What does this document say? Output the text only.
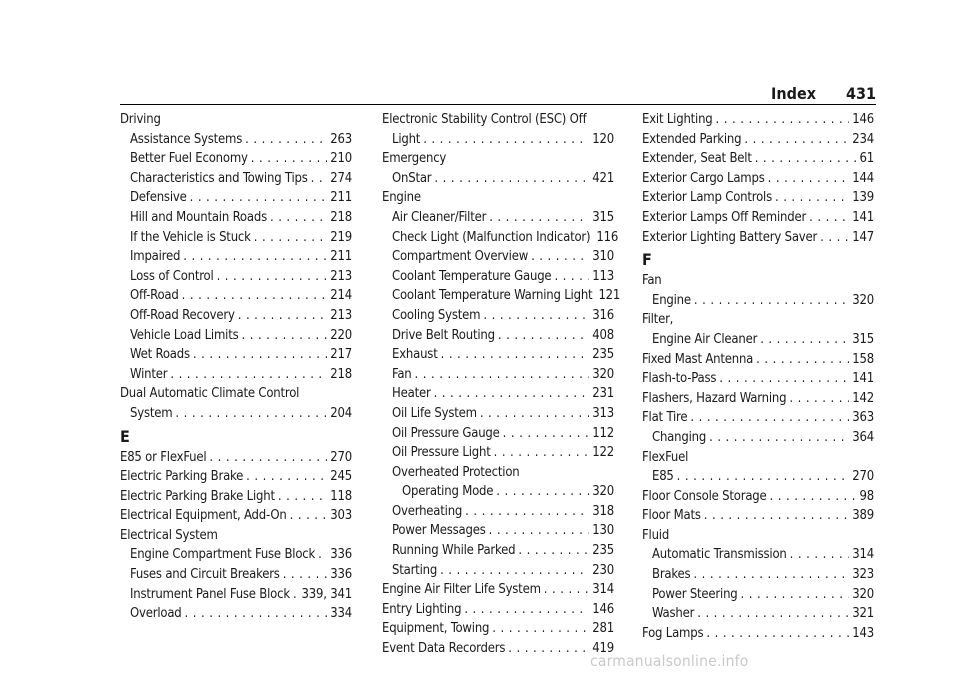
Index 431
Driving
Assistance Systems . . .	263
Better Fuel Economy . . .	210
Characteristics and Towing Tips . . . 274
Defensive . . .	211
Hill and Mountain Roads . . .	218
If the Vehicle is Stuck . . .	219
Impaired . . .	211
Loss of Control . . .	213
Off-Road . . .	214
Off-Road Recovery . . .	213
Vehicle Load Limits . . .	220
Wet Roads . . .	217
Winter . . .	218
Dual Automatic Climate Control
System . . .	204
E
E85 or FlexFuel . . .	270
Electric Parking Brake . . .	245
Electric Parking Brake Light . . .	118
Electrical Equipment, Add-On . . .	303
Electrical System
Engine Compartment Fuse Block . . . 336
Fuses and Circuit Breakers . . .	336
Instrument Panel Fuse Block . . . 339, 341
Overload . . .	334
Electronic Stability Control (ESC) Off
Light . . .	120
Emergency
OnStar . . .	421
Engine
Air Cleaner/Filter . . .	315
Check Light (Malfunction Indicator) 116
Compartment Overview . . .	310
Coolant Temperature Gauge . . .	113
Coolant Temperature Warning Light 121
Cooling System . . .	316
Drive Belt Routing . . .	408
Exhaust . . .	235
Fan . . .	320
Heater . . .	231
Oil Life System . . .	313
Oil Pressure Gauge . . .	112
Oil Pressure Light . . .	122
Overheated Protection
Operating Mode . . .	320
Overheating . . .	318
Power Messages . . .	130
Running While Parked . . .	235
Starting . . .	230
Engine Air Filter Life System . . .	314
Entry Lighting . . .	146
Equipment, Towing . . .	281
Event Data Recorders . . .	419
Exit Lighting . . .	146
Extended Parking . . .	234
Extender, Seat Belt . . .	61
Exterior Cargo Lamps . . .	144
Exterior Lamp Controls . . .	139
Exterior Lamps Off Reminder . . .	141
Exterior Lighting Battery Saver . . .	147
F
Fan
Engine . . .	320
Filter,
Engine Air Cleaner . . .	315
Fixed Mast Antenna . . .	158
Flash-to-Pass . . .	141
Flashers, Hazard Warning . . .	142
Flat Tire . . .	363
Changing . . .	364
FlexFuel
E85 . . .	270
Floor Console Storage . . .	98
Floor Mats . . .	389
Fluid
Automatic Transmission . . .	314
Brakes . . .	323
Power Steering . . .	320
Washer . . .	321
Fog Lamps . . .	143
carmanualsonline.info
